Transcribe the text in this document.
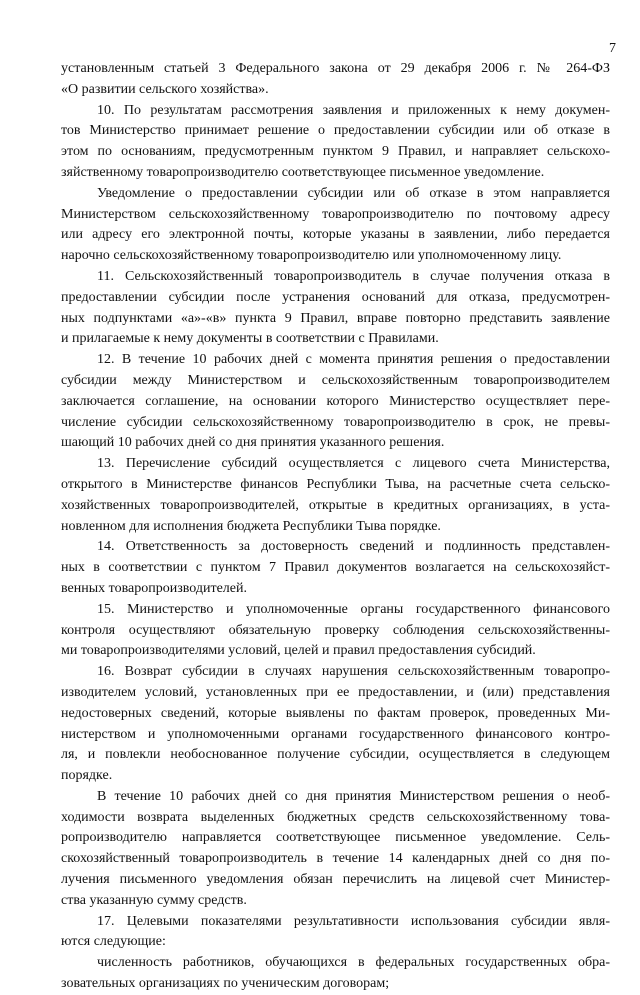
7
установленным статьей 3 Федерального закона от 29 декабря 2006 г. № 264-ФЗ
«О развитии сельского хозяйства».
10. По результатам рассмотрения заявления и приложенных к нему докумен-
тов Министерство принимает решение о предоставлении субсидии или об отказе в
этом по основаниям, предусмотренным пунктом 9 Правил, и направляет сельскохо-
зяйственному товаропроизводителю соответствующее письменное уведомление.
Уведомление о предоставлении субсидии или об отказе в этом направляется
Министерством сельскохозяйственному товаропроизводителю по почтовому адресу
или адресу его электронной почты, которые указаны в заявлении, либо передается
нарочно сельскохозяйственному товаропроизводителю или уполномоченному лицу.
11. Сельскохозяйственный товаропроизводитель в случае получения отказа в
предоставлении субсидии после устранения оснований для отказа, предусмотрен-
ных подпунктами «а»-«в» пункта 9 Правил, вправе повторно представить заявление
и прилагаемые к нему документы в соответствии с Правилами.
12. В течение 10 рабочих дней с момента принятия решения о предоставлении
субсидии между Министерством и сельскохозяйственным товаропроизводителем
заключается соглашение, на основании которого Министерство осуществляет пере-
числение субсидии сельскохозяйственному товаропроизводителю в срок, не превы-
шающий 10 рабочих дней со дня принятия указанного решения.
13. Перечисление субсидий осуществляется с лицевого счета Министерства,
открытого в Министерстве финансов Республики Тыва, на расчетные счета сельско-
хозяйственных товаропроизводителей, открытые в кредитных организациях, в уста-
новленном для исполнения бюджета Республики Тыва порядке.
14. Ответственность за достоверность сведений и подлинность представлен-
ных в соответствии с пунктом 7 Правил документов возлагается на сельскохозяйст-
венных товаропроизводителей.
15. Министерство и уполномоченные органы государственного финансового
контроля осуществляют обязательную проверку соблюдения сельскохозяйственны-
ми товаропроизводителями условий, целей и правил предоставления субсидий.
16. Возврат субсидии в случаях нарушения сельскохозяйственным товаропро-
изводителем условий, установленных при ее предоставлении, и (или) представления
недостоверных сведений, которые выявлены по фактам проверок, проведенных Ми-
нистерством и уполномоченными органами государственного финансового контро-
ля, и повлекли необоснованное получение субсидии, осуществляется в следующем
порядке.
В течение 10 рабочих дней со дня принятия Министерством решения о необ-
ходимости возврата выделенных бюджетных средств сельскохозяйственному това-
ропроизводителю направляется соответствующее письменное уведомление. Сель-
скохозяйственный товаропроизводитель в течение 14 календарных дней со дня по-
лучения письменного уведомления обязан перечислить на лицевой счет Министер-
ства указанную сумму средств.
17. Целевыми показателями результативности использования субсидии явля-
ются следующие:
численность работников, обучающихся в федеральных государственных обра-
зовательных организациях по ученическим договорам;
